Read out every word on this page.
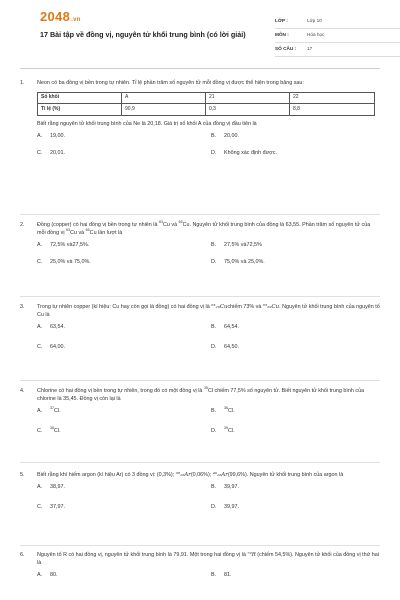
2048.vn
17 Bài tập về đồng vị, nguyên tử khối trung bình (có lời giải)
LỚP :	Lớp 10
MÔN :	Hóa học
SỐ CÂU :	17
1.	Neon có ba đồng vị bền trong tự nhiên. Tỉ lệ phần trăm số nguyên tử mỗi đồng vị được thể hiện trong bảng sau:
Số khối	A	21	22
Tỉ lệ (%)	90,9	0,3	8,8
Biết rằng nguyên tử khối trung bình của Ne là 20,18. Giá trị số khối A của đồng vị đầu tiên là
A. 19,00.	B. 20,00.
C. 20,01.	D. Không xác định được.
2.	Đồng (copper) có hai đồng vị bền trong tự nhiên là $^{63}$Cu và $^{65}$Cu. Nguyên tử khối trung bình của đồng là 63,55. Phần trăm số nguyên tử của mỗi đồng vị $^{63}$Cu và $^{65}$Cu lần lượt là
A. 72,5% và27,5%.	B. 27,5% và72,5%
C. 25,0% và 75,0%.	D. 75,0% và 25,0%.
3.	Trong tự nhiên copper (kí hiệu: Cu hay còn gọi là đồng) có hai đồng vị là ⁶³₂₉Cuchiếm 73% và ⁶⁵₂₉Cu. Nguyên tử khối trung bình của nguyên tố Cu là
A. 63,54.	B. 64,54.
C. 64,00.	D. 64,50.
4.	Chlorine có hai đồng vị bền trong tự nhiên, trong đó có một đồng vị là $^{35}$Cl chiếm 77,5% số nguyên tử. Biết nguyên tử khối trung bình của chlorine là 35,45. Đồng vị còn lại là
A. $^{37}$Cl.	B. $^{36}$Cl.
C. $^{38}$Cl.	D. $^{39}$Cl.
5.	Biết rằng khí hiếm argon (kí hiệu Ar) có 3 đồng vị: (0,3%); ³⁸₁₈Ar(0,06%); ⁴⁰₁₈Ar(99,6%). Nguyên tử khối trung bình của argon là
A. 38,97.	B. 39,97.
C. 37,97.	D. 39,97.
6.	Nguyên tố R có hai đồng vị, nguyên tử khối trung bình là 79,91. Một trong hai đồng vị là ⁷⁹R (chiếm 54,5%). Nguyên tử khối của đồng vị thứ hai là
A. 80.	B. 81.
